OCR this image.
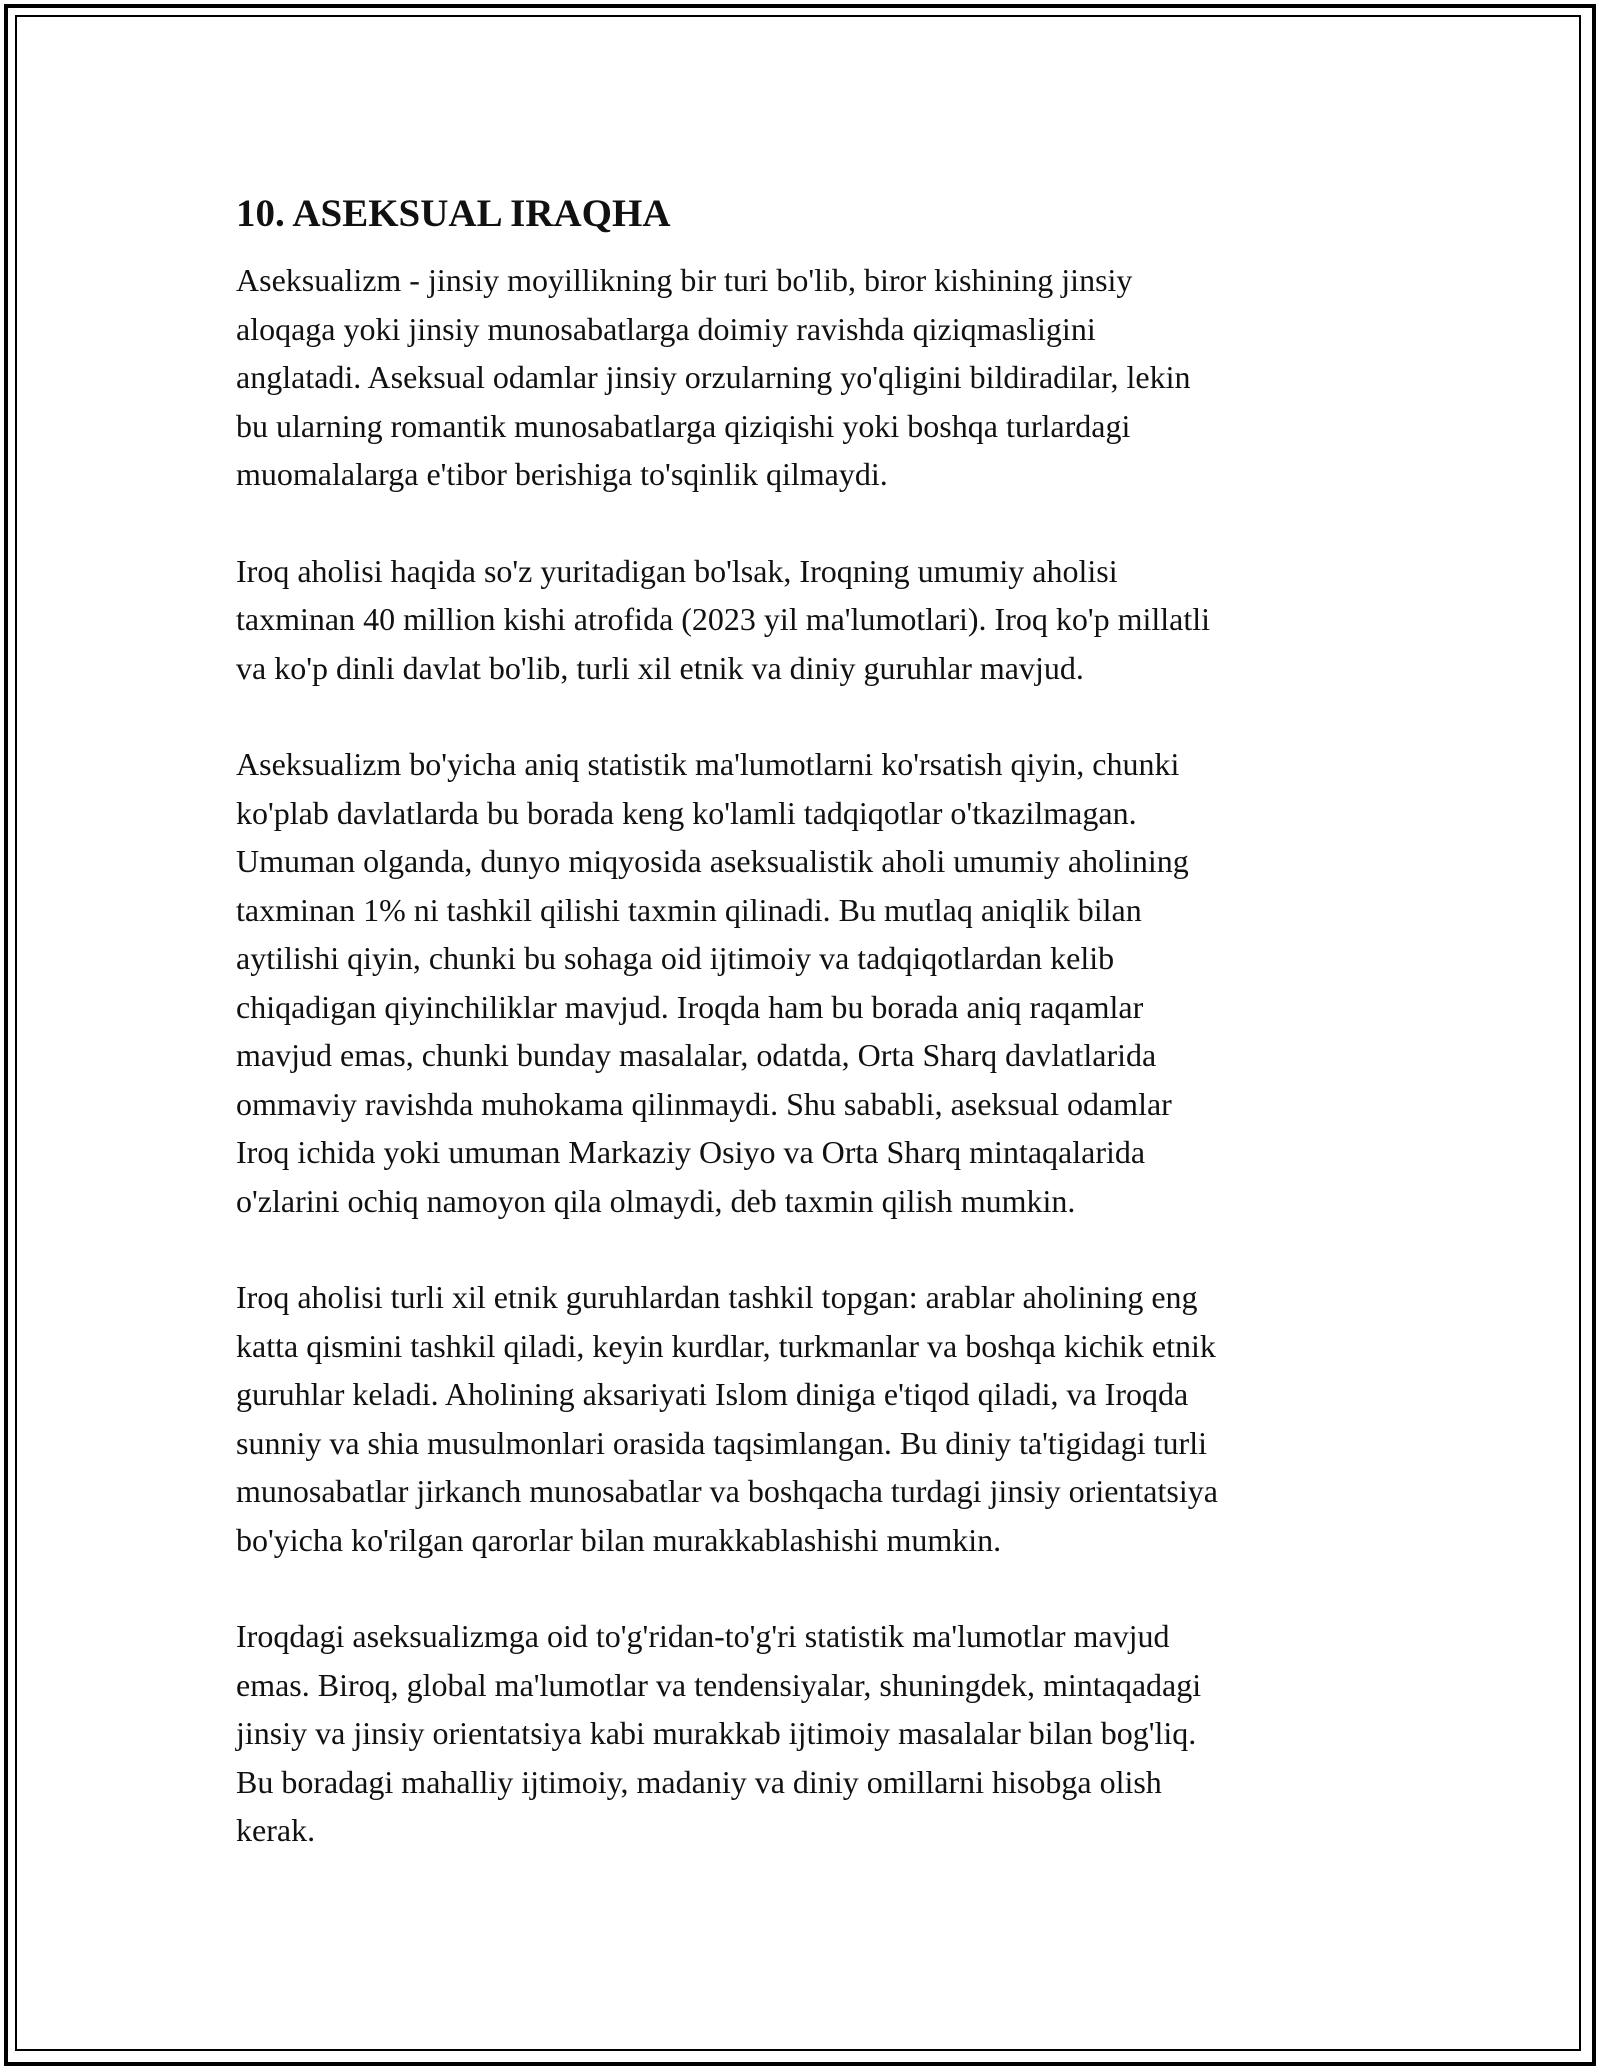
10. ASEKSUAL IRAQHA

Aseksualizm - jinsiy moyillikning bir turi bo'lib, biror kishining jinsiy
aloqaga yoki jinsiy munosabatlarga doimiy ravishda qiziqmasligini
anglatadi. Aseksual odamlar jinsiy orzularning yo'qligini bildiradilar, lekin
bu ularning romantik munosabatlarga qiziqishi yoki boshqa turlardagi
muomalalarga e'tibor berishiga to'sqinlik qilmaydi.

Iroq aholisi haqida so'z yuritadigan bo'lsak, Iroqning umumiy aholisi
taxminan 40 million kishi atrofida (2023 yil ma'lumotlari). Iroq ko'p millatli
va ko'p dinli davlat bo'lib, turli xil etnik va diniy guruhlar mavjud.

Aseksualizm bo'yicha aniq statistik ma'lumotlarni ko'rsatish qiyin, chunki
ko'plab davlatlarda bu borada keng ko'lamli tadqiqotlar o'tkazilmagan.
Umuman olganda, dunyo miqyosida aseksualistik aholi umumiy aholining
taxminan 1% ni tashkil qilishi taxmin qilinadi. Bu mutlaq aniqlik bilan
aytilishi qiyin, chunki bu sohaga oid ijtimoiy va tadqiqotlardan kelib
chiqadigan qiyinchiliklar mavjud. Iroqda ham bu borada aniq raqamlar
mavjud emas, chunki bunday masalalar, odatda, Orta Sharq davlatlarida
ommaviy ravishda muhokama qilinmaydi. Shu sababli, aseksual odamlar
Iroq ichida yoki umuman Markaziy Osiyo va Orta Sharq mintaqalarida
o'zlarini ochiq namoyon qila olmaydi, deb taxmin qilish mumkin.

Iroq aholisi turli xil etnik guruhlardan tashkil topgan: arablar aholining eng
katta qismini tashkil qiladi, keyin kurdlar, turkmanlar va boshqa kichik etnik
guruhlar keladi. Aholining aksariyati Islom diniga e'tiqod qiladi, va Iroqda
sunniy va shia musulmonlari orasida taqsimlangan. Bu diniy ta'tigidagi turli
munosabatlar jirkanch munosabatlar va boshqacha turdagi jinsiy orientatsiya
bo'yicha ko'rilgan qarorlar bilan murakkablashishi mumkin.

Iroqdagi aseksualizmga oid to'g'ridan-to'g'ri statistik ma'lumotlar mavjud
emas. Biroq, global ma'lumotlar va tendensiyalar, shuningdek, mintaqadagi
jinsiy va jinsiy orientatsiya kabi murakkab ijtimoiy masalalar bilan bog'liq.
Bu boradagi mahalliy ijtimoiy, madaniy va diniy omillarni hisobga olish
kerak.
